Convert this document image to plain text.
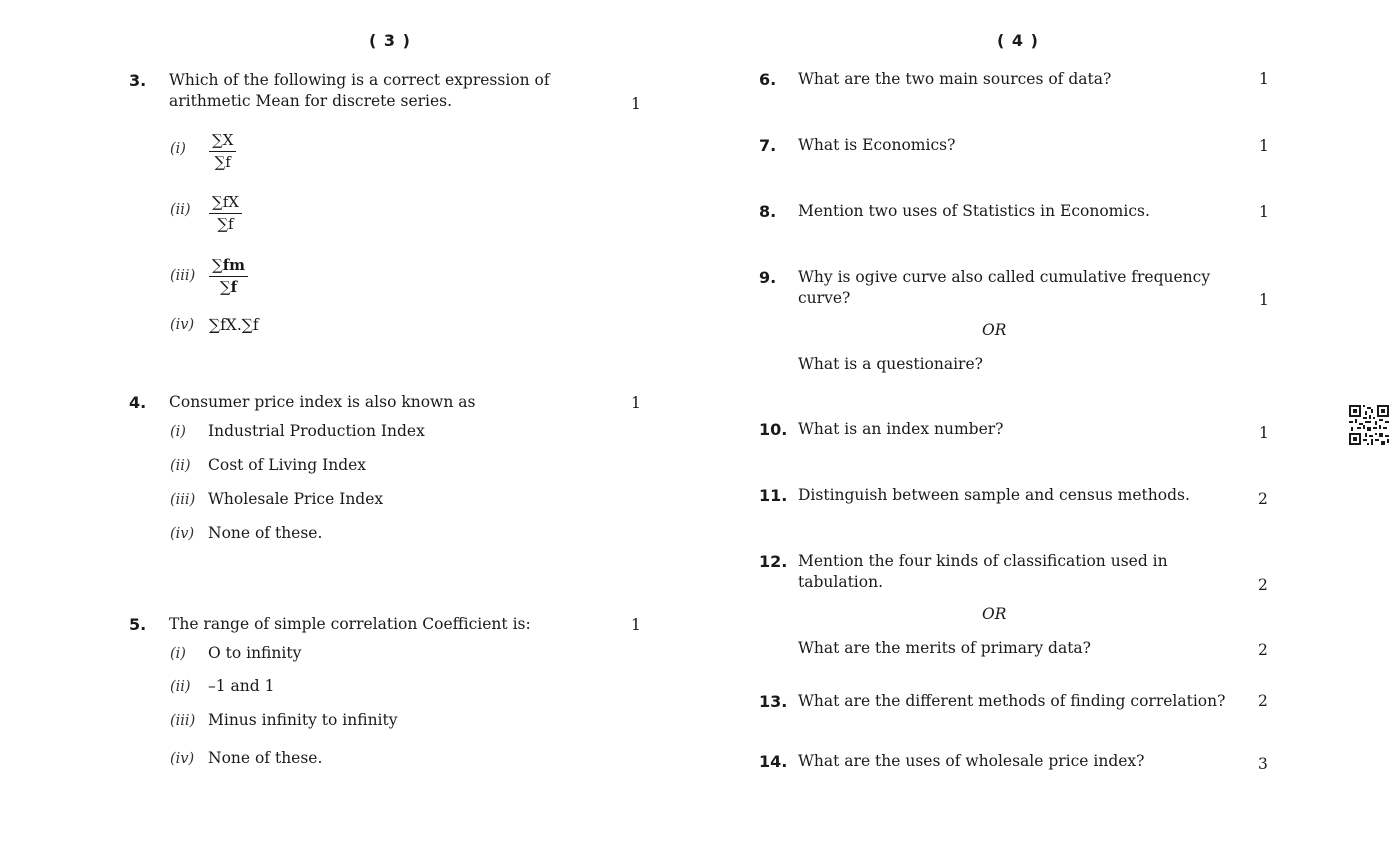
( 3 )	( 4 )
3. Which of the following is a correct expression of
arithmetic Mean for discrete series.	1
$(i) \frac{\sum X}{\sum f}$
$(ii) \frac{\sum fX}{\sum f}$
$(iii) \frac{\sum fm}{\sum f}$
(iv) ∑fX.∑f
4. Consumer price index is also known as	1
(i) Industrial Production Index
(ii) Cost of Living Index
(iii) Wholesale Price Index
(iv) None of these.
5. The range of simple correlation Coefficient is:	1
(i) O to infinity
(ii) –1 and 1
(iii) Minus infinity to infinity
(iv) None of these.
6. What are the two main sources of data?	1
7. What is Economics?	1
8. Mention two uses of Statistics in Economics.	1
9. Why is ogive curve also called cumulative frequency
curve?	1
OR
What is a questionaire?
10. What is an index number?	1
11. Distinguish between sample and census methods.	2
12. Mention the four kinds of classification used in
tabulation.	2
OR
What are the merits of primary data?	2
13. What are the different methods of finding correlation? 2
14. What are the uses of wholesale price index?	3
